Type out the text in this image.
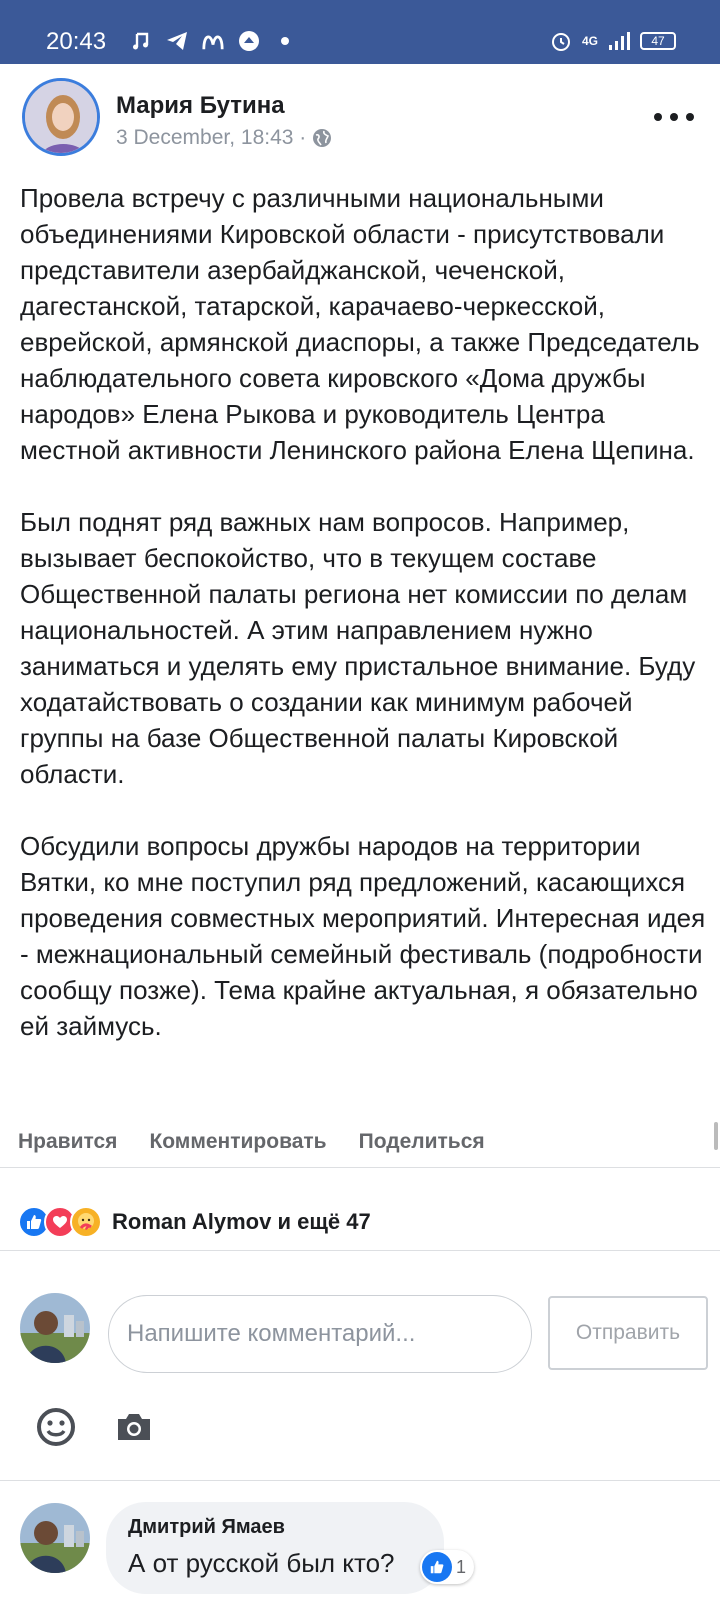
20:43	4G	47
Мария Бутина
3 December, 18:43 ·

Провела встречу с различными национальными объединениями Кировской области - присутствовали представители азербайджанской, чеченской, дагестанской, татарской, карачаево-черкесской, еврейской, армянской диаспоры, а также Председатель наблюдательного совета кировского «Дома дружбы народов» Елена Рыкова и руководитель Центра местной активности Ленинского района Елена Щепина.

Был поднят ряд важных нам вопросов. Например, вызывает беспокойство, что в текущем составе Общественной палаты региона нет комиссии по делам национальностей. А этим направлением нужно заниматься и уделять ему пристальное внимание. Буду ходатайствовать о создании как минимум рабочей группы на базе Общественной палаты Кировской области.

Обсудили вопросы дружбы народов на территории Вятки, ко мне поступил ряд предложений, касающихся проведения совместных мероприятий. Интересная идея - межнациональный семейный фестиваль (подробности сообщу позже). Тема крайне актуальная, я обязательно ей займусь.

Нравится Комментировать Поделиться
Roman Alymov и ещё 47
Напишите комментарий...
Отправить
Дмитрий Ямаев
А от русской был кто?	1
